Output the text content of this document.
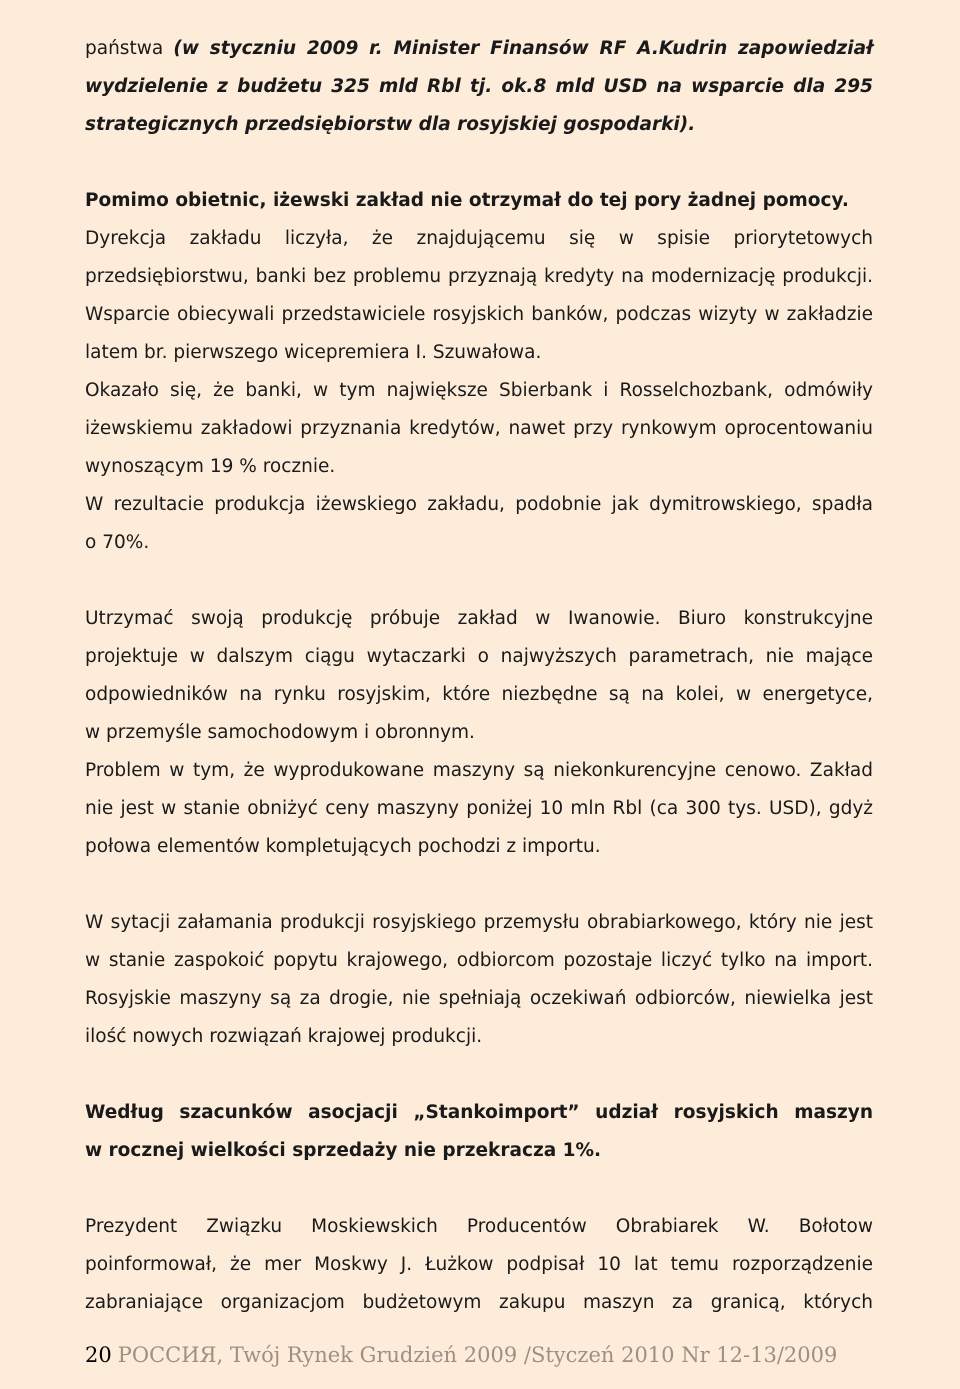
państwa (w styczniu 2009 r. Minister Finansów RF A.Kudrin zapowiedział
wydzielenie z budżetu 325 mld Rbl tj. ok.8 mld USD na wsparcie dla 295
strategicznych przedsiębiorstw dla rosyjskiej gospodarki).
Pomimo obietnic, iżewski zakład nie otrzymał do tej pory żadnej pomocy.
Dyrekcja zakładu liczyła, że znajdującemu się w spisie priorytetowych
przedsiębiorstwu, banki bez problemu przyznają kredyty na modernizację produkcji.
Wsparcie obiecywali przedstawiciele rosyjskich banków, podczas wizyty w zakładzie
latem br. pierwszego wicepremiera I. Szuwałowa.
Okazało się, że banki, w tym największe Sbierbank i Rosselchozbank, odmówiły
iżewskiemu zakładowi przyznania kredytów, nawet przy rynkowym oprocentowaniu
wynoszącym 19 % rocznie.
W rezultacie produkcja iżewskiego zakładu, podobnie jak dymitrowskiego, spadła
o 70%.
Utrzymać swoją produkcję próbuje zakład w Iwanowie. Biuro konstrukcyjne
projektuje w dalszym ciągu wytaczarki o najwyższych parametrach, nie mające
odpowiedników na rynku rosyjskim, które niezbędne są na kolei, w energetyce,
w przemyśle samochodowym i obronnym.
Problem w tym, że wyprodukowane maszyny są niekonkurencyjne cenowo. Zakład
nie jest w stanie obniżyć ceny maszyny poniżej 10 mln Rbl (ca 300 tys. USD), gdyż
połowa elementów kompletujących pochodzi z importu.
W sytacji załamania produkcji rosyjskiego przemysłu obrabiarkowego, który nie jest
w stanie zaspokoić popytu krajowego, odbiorcom pozostaje liczyć tylko na import.
Rosyjskie maszyny są za drogie, nie spełniają oczekiwań odbiorców, niewielka jest
ilość nowych rozwiązań krajowej produkcji.
Według szacunków asocjacji „Stankoimport” udział rosyjskich maszyn
w rocznej wielkości sprzedaży nie przekracza 1%.
Prezydent Związku Moskiewskich Producentów Obrabiarek W. Bołotow
poinformował, że mer Moskwy J. Łużkow podpisał 10 lat temu rozporządzenie
zabraniające organizacjom budżetowym zakupu maszyn za granicą, których
20 РОССИЯ, Twój Rynek Grudzień 2009 /Styczeń 2010 Nr 12-13/2009
